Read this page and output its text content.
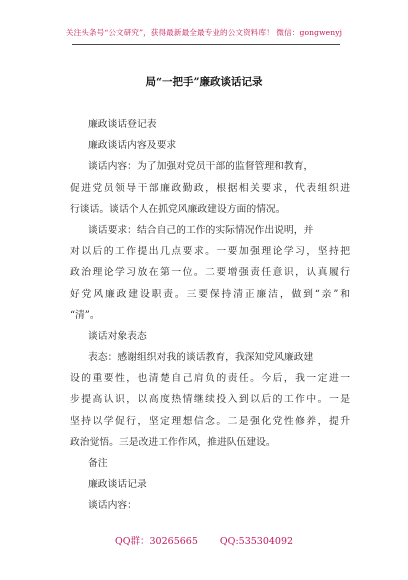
关注头条号“公文研究”，获得最新最全最专业的公文资料库！ 微信：gongwenyj
局“一把手”廉政谈话记录
廉政谈话登记表
廉政谈话内容及要求
谈话内容：为了加强对党员干部的监督管理和教育，
促进党员领导干部廉政勤政，根据相关要求，代表组织进
行谈话。谈话个人在抓党风廉政建设方面的情况。
谈话要求：结合自己的工作的实际情况作出说明，并
对以后的工作提出几点要求。一要加强理论学习，坚持把
政治理论学习放在第一位。二要增强责任意识，认真履行
好党风廉政建设职责。三要保持清正廉洁，做到“亲”和
“清”。
谈话对象表态
表态：感谢组织对我的谈话教育，我深知党风廉政建
设的重要性，也清楚自己肩负的责任。今后，我一定进一
步提高认识，以高度热情继续投入到以后的工作中。一是
坚持以学促行，坚定理想信念。二是强化党性修养，提升
政治觉悟。三是改进工作作风，推进队伍建设。
备注
廉政谈话记录
谈话内容：
QQ群：30265665 QQ:535304092
